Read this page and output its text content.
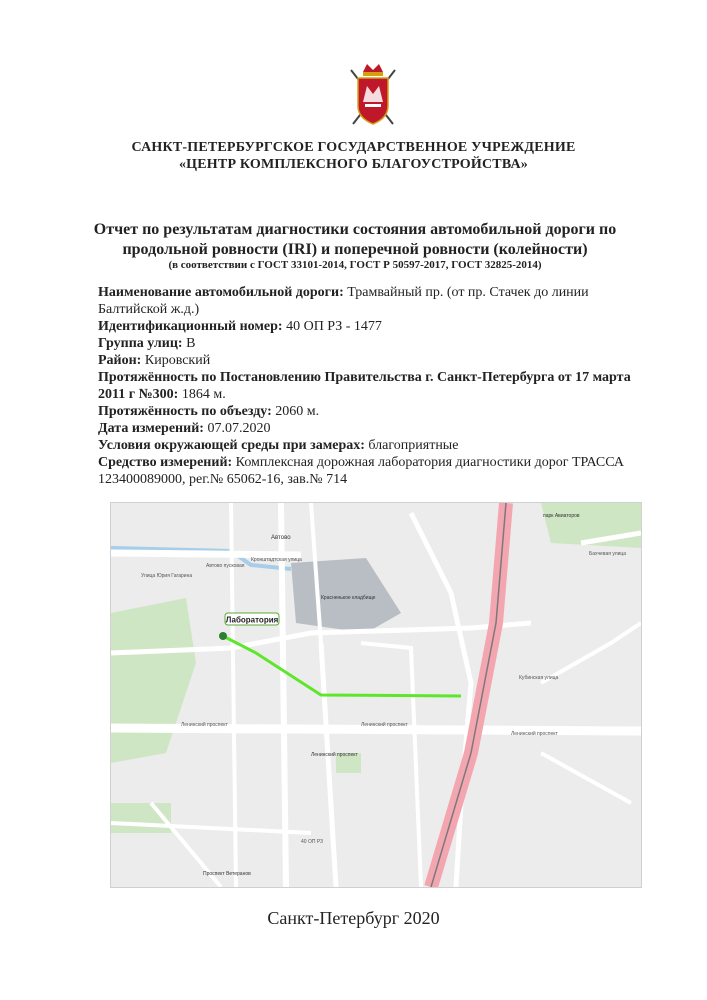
САНКТ-ПЕТЕРБУРГСКОЕ ГОСУДАРСТВЕННОЕ УЧРЕЖДЕНИЕ
«ЦЕНТР КОМПЛЕКСНОГО БЛАГОУСТРОЙСТВА»
Отчет по результатам диагностики состояния автомобильной дороги по
продольной ровности (IRI) и поперечной ровности (колейности)
(в соответствии с ГОСТ 33101-2014, ГОСТ Р 50597-2017, ГОСТ 32825-2014)
Наименование автомобильной дороги: Трамвайный пр. (от пр. Стачек до линии Балтийской ж.д.)
Идентификационный номер: 40 ОП РЗ - 1477
Группа улиц: В
Район: Кировский
Протяжённость по Постановлению Правительства г. Санкт-Петербурга от 17 марта 2011 г №300: 1864 м.
Протяжённость по объезду: 2060 м.
Дата измерений: 07.07.2020
Условия окружающей среды при замерах: благоприятные
Средство измерений: Комплексная дорожная лаборатория диагностики дорог ТРАССА 123400089000, рег.№ 65062-16, зав.№ 714
Лаборатория
Автово
Автово пусковая
Кронштадтская улица
Улица Юрия Гагарина
Красненькое кладбище
Ленинский проспект	Ленинский проспект
Ленинский проспект
Ленинский проспект
Проспект Ветеранов
Кубинская улица
парк Авиаторов
Бахчевая улица
40 ОП РЗ
Санкт-Петербург 2020
